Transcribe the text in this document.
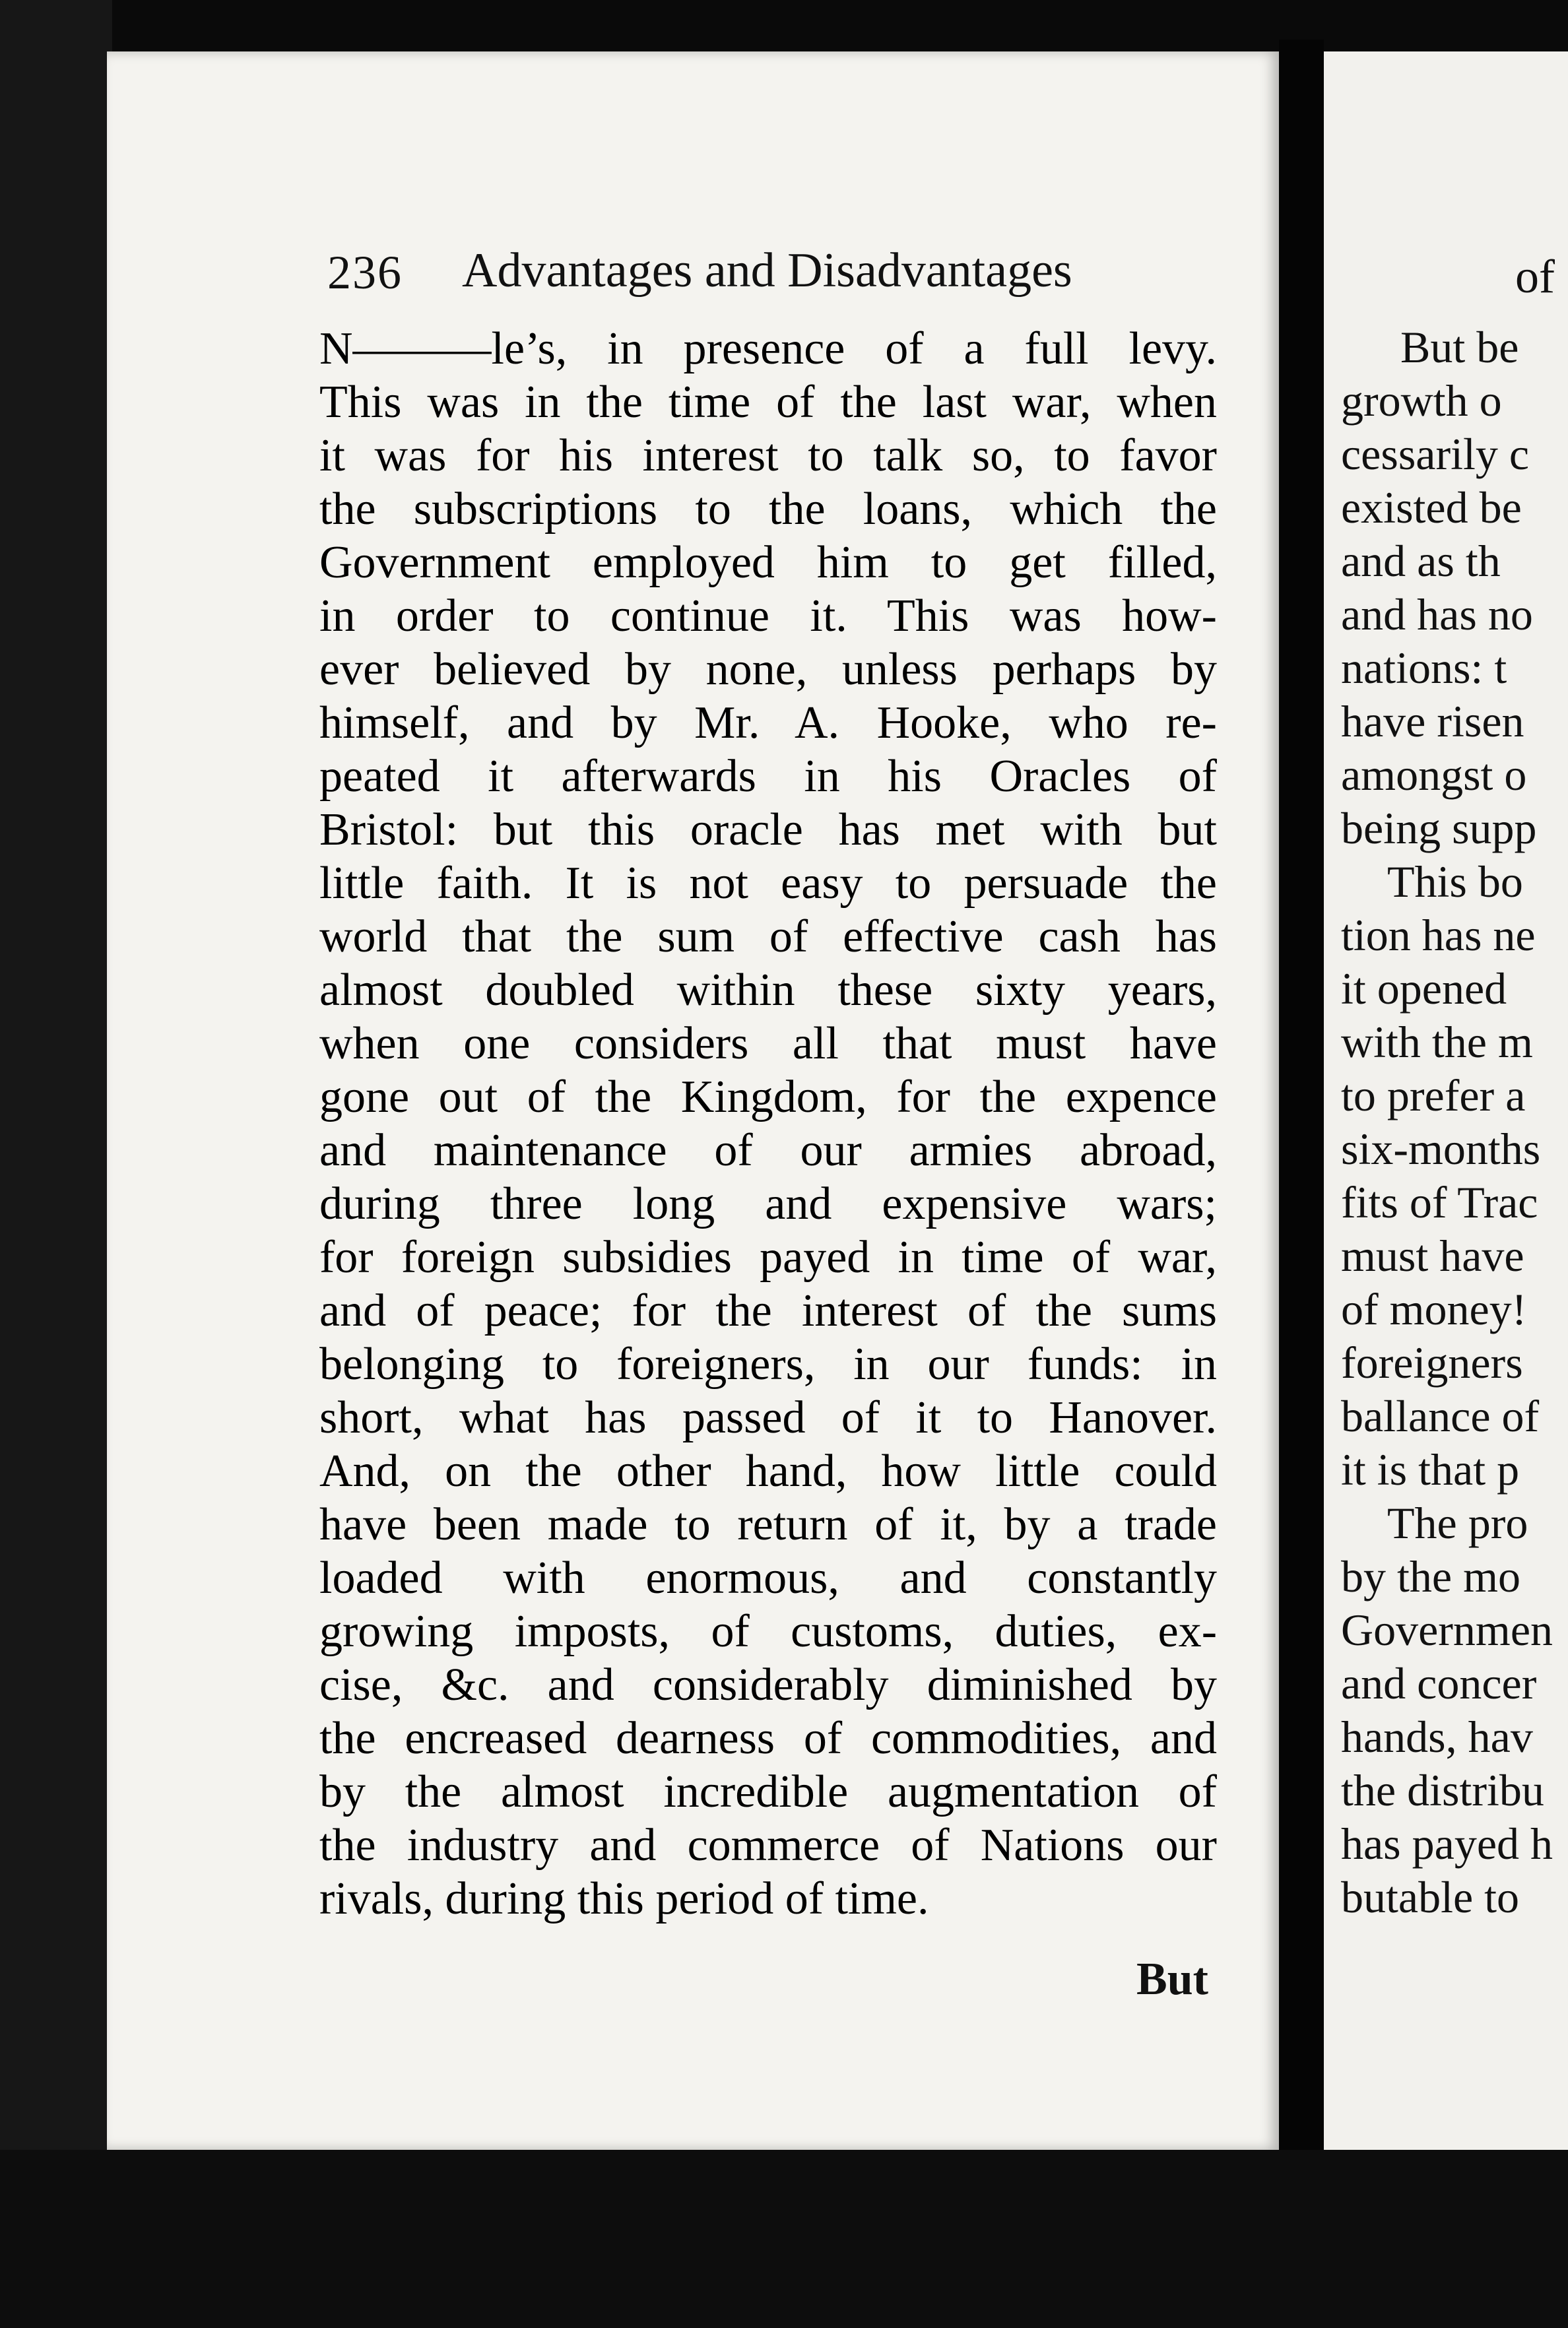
236 Advantages and Disadvantages
N———le’s, in presence of a full levy.
This was in the time of the last war, when
it was for his interest to talk so, to favor
the subscriptions to the loans, which the
Government employed him to get filled,
in order to continue it. This was how-
ever believed by none, unless perhaps by
himself, and by Mr. A. Hooke, who re-
peated it afterwards in his Oracles of
Bristol: but this oracle has met with but
little faith. It is not easy to persuade the
world that the sum of effective cash has
almost doubled within these sixty years,
when one considers all that must have
gone out of the Kingdom, for the expence
and maintenance of our armies abroad,
during three long and expensive wars;
for foreign subsidies payed in time of war,
and of peace; for the interest of the sums
belonging to foreigners, in our funds: in
short, what has passed of it to Hanover.
And, on the other hand, how little could
have been made to return of it, by a trade
loaded with enormous, and constantly
growing imposts, of customs, duties, ex-
cise, &c. and considerably diminished by
the encreased dearness of commodities, and
by the almost incredible augmentation of
the industry and commerce of Nations our
rivals, during this period of time.
But
of
But be
growth o
cessarily c
existed be
and as th
and has no
nations: t
have risen
amongst o
being supp
This bo
tion has ne
it opened
with the m
to prefer a
six-months
fits of Trac
must have
of money!
foreigners
ballance of
it is that p
The pro
by the mo
Governmen
and concer
hands, hav
the distribu
has payed h
butable to
